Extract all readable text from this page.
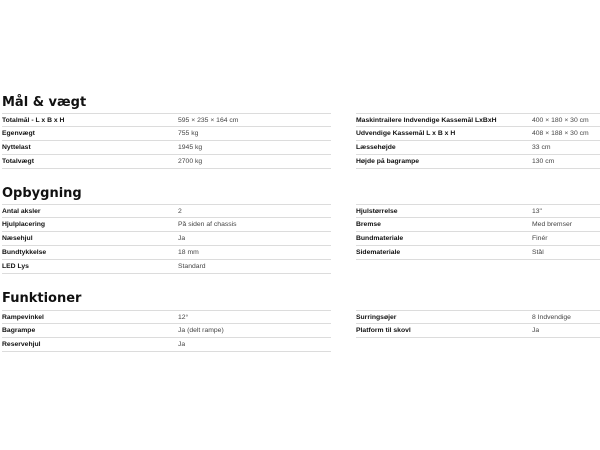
Mål & vægt
Totalmål - L x B x H	595 × 235 × 164 cm
Egenvægt	755 kg
Nyttelast	1945 kg
Totalvægt	2700 kg
Maskintrailere Indvendige Kassemål LxBxH	400 × 180 × 30 cm
Udvendige Kassemål L x B x H	408 × 188 × 30 cm
Læssehøjde	33 cm
Højde på bagrampe	130 cm
Opbygning
Antal aksler	2
Hjulplacering	På siden af chassis
Næsehjul	Ja
Bundtykkelse	18 mm
LED Lys	Standard
Hjulstørrelse	13"
Bremse	Med bremser
Bundmateriale	Finér
Sidemateriale	Stål
Funktioner
Rampevinkel	12°
Bagrampe	Ja (delt rampe)
Reservehjul	Ja
Surringsøjer	8 Indvendige
Platform til skovl	Ja
